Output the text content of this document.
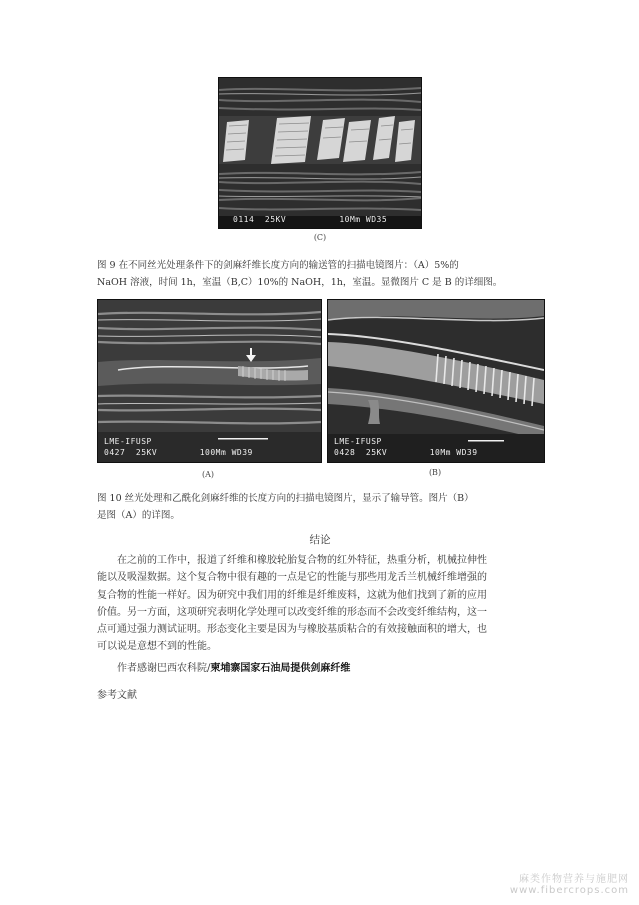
0114  25KV          10Mm WD35
(C)
图 9 在不同丝光处理条件下的剑麻纤维长度方向的输送管的扫描电镜图片：（A）5%的
NaOH 溶液，时间 1h，室温（B,C）10%的 NaOH，1h，室温。显微图片 C 是 B 的详细图。
LME-IFUSP
0427  25KV        100Mm WD39
(A)
LME-IFUSP
0428  25KV        10Mm WD39
(B)
图 10 丝光处理和乙酰化剑麻纤维的长度方向的扫描电镜图片，显示了输导管。图片（B）
是图（A）的详图。
结论
在之前的工作中，报道了纤维和橡胶轮胎复合物的红外特征，热重分析，机械拉伸性
能以及吸湿数据。这个复合物中很有趣的一点是它的性能与那些用龙舌兰机械纤维增强的
复合物的性能一样好。因为研究中我们用的纤维是纤维废料，这就为他们找到了新的应用
价值。另一方面，这项研究表明化学处理可以改变纤维的形态而不会改变纤维结构，这一
点可通过强力测试证明。形态变化主要是因为与橡胶基质粘合的有效接触面积的增大，也
可以说是意想不到的性能。
作者感谢巴西农科院/柬埔寨国家石油局提供剑麻纤维
参考文献
麻类作物营养与施肥网
www.fibercrops.com
